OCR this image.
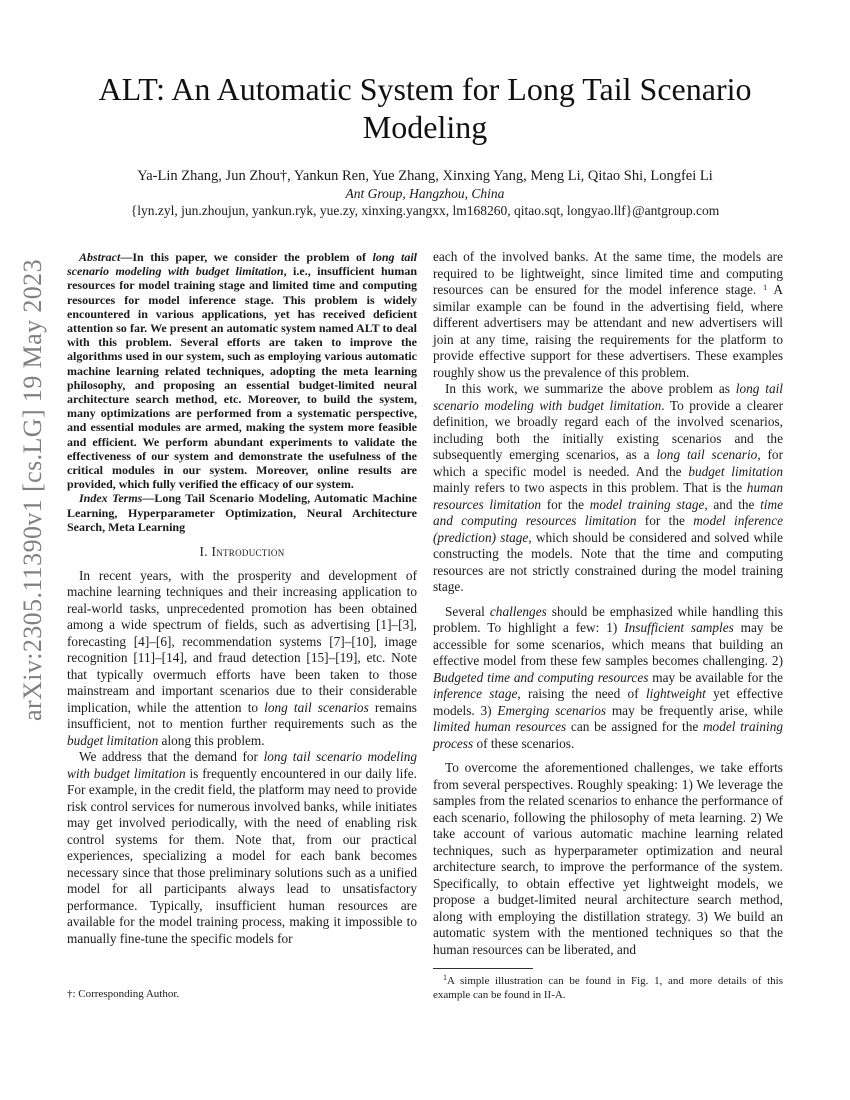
arXiv:2305.11390v1 [cs.LG] 19 May 2023
ALT: An Automatic System for Long Tail Scenario
Modeling
Ya-Lin Zhang, Jun Zhou†, Yankun Ren, Yue Zhang, Xinxing Yang, Meng Li, Qitao Shi, Longfei Li
Ant Group, Hangzhou, China
{lyn.zyl, jun.zhoujun, yankun.ryk, yue.zy, xinxing.yangxx, lm168260, qitao.sqt, longyao.llf}@antgroup.com
Abstract—In this paper, we consider the problem of long tail scenario modeling with budget limitation, i.e., insufficient human resources for model training stage and limited time and computing resources for model inference stage. This problem is widely encountered in various applications, yet has received deficient attention so far. We present an automatic system named ALT to deal with this problem. Several efforts are taken to improve the algorithms used in our system, such as employing various automatic machine learning related techniques, adopting the meta learning philosophy, and proposing an essential budget-limited neural architecture search method, etc. Moreover, to build the system, many optimizations are performed from a systematic perspective, and essential modules are armed, making the system more feasible and efficient. We perform abundant experiments to validate the effectiveness of our system and demonstrate the usefulness of the critical modules in our system. Moreover, online results are provided, which fully verified the efficacy of our system.
Index Terms—Long Tail Scenario Modeling, Automatic Machine Learning, Hyperparameter Optimization, Neural Architecture Search, Meta Learning
I. Introduction

In recent years, with the prosperity and development of machine learning techniques and their increasing application to real-world tasks, unprecedented promotion has been obtained among a wide spectrum of fields, such as advertising [1]–[3], forecasting [4]–[6], recommendation systems [7]–[10], image recognition [11]–[14], and fraud detection [15]–[19], etc. Note that typically overmuch efforts have been taken to those mainstream and important scenarios due to their considerable implication, while the attention to long tail scenarios remains insufficient, not to mention further requirements such as the budget limitation along this problem.

We address that the demand for long tail scenario modeling with budget limitation is frequently encountered in our daily life. For example, in the credit field, the platform may need to provide risk control services for numerous involved banks, while initiates may get involved periodically, with the need of enabling risk control systems for them. Note that, from our practical experiences, specializing a model for each bank becomes necessary since that those preliminary solutions such as a unified model for all participants always lead to unsatisfactory performance. Typically, insufficient human resources are available for the model training process, making it impossible to manually fine-tune the specific models for

each of the involved banks. At the same time, the models are required to be lightweight, since limited time and computing resources can be ensured for the model inference stage. $^1$ A similar example can be found in the advertising field, where different advertisers may be attendant and new advertisers will join at any time, raising the requirements for the platform to provide effective support for these advertisers. These examples roughly show us the prevalence of this problem.

In this work, we summarize the above problem as long tail scenario modeling with budget limitation. To provide a clearer definition, we broadly regard each of the involved scenarios, including both the initially existing scenarios and the subsequently emerging scenarios, as a long tail scenario, for which a specific model is needed. And the budget limitation mainly refers to two aspects in this problem. That is the human resources limitation for the model training stage, and the time and computing resources limitation for the model inference (prediction) stage, which should be considered and solved while constructing the models. Note that the time and computing resources are not strictly constrained during the model training stage.

Several challenges should be emphasized while handling this problem. To highlight a few: 1) Insufficient samples may be accessible for some scenarios, which means that building an effective model from these few samples becomes challenging. 2) Budgeted time and computing resources may be available for the inference stage, raising the need of lightweight yet effective models. 3) Emerging scenarios may be frequently arise, while limited human resources can be assigned for the model training process of these scenarios.

To overcome the aforementioned challenges, we take efforts from several perspectives. Roughly speaking: 1) We leverage the samples from the related scenarios to enhance the performance of each scenario, following the philosophy of meta learning. 2) We take account of various automatic machine learning related techniques, such as hyperparameter optimization and neural architecture search, to improve the performance of the system. Specifically, to obtain effective yet lightweight models, we propose a budget-limited neural architecture search method, along with employing the distillation strategy. 3) We build an automatic system with the mentioned techniques so that the human resources can be liberated, and

†: Corresponding Author.
$^1$A simple illustration can be found in Fig. 1, and more details of this example can be found in II-A.
